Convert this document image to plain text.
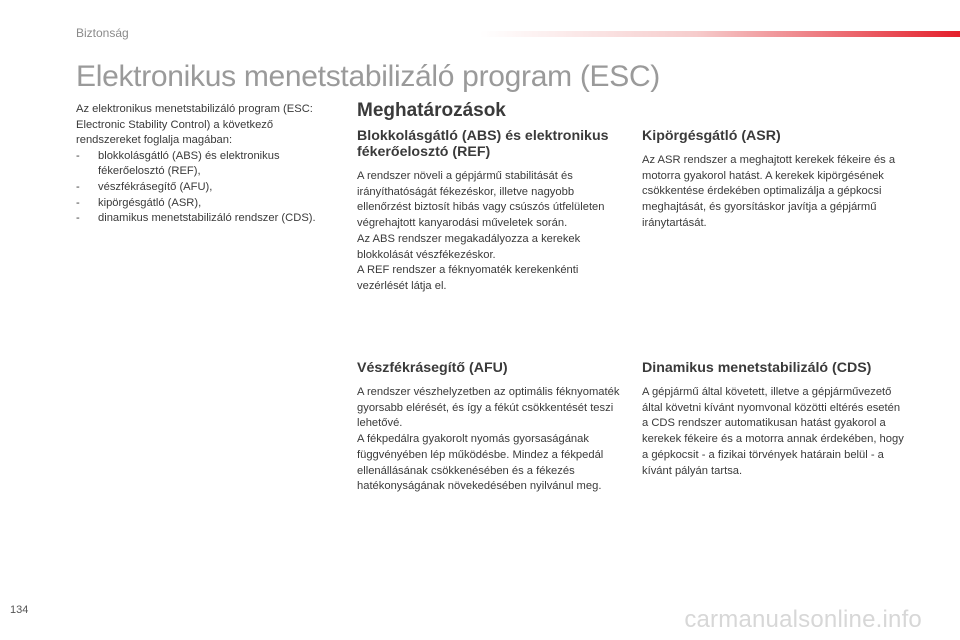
Biztonság
Elektronikus menetstabilizáló program (ESC)

Az elektronikus menetstabilizáló program (ESC: Electronic Stability Control) a következő rendszereket foglalja magában:

- blokkolásgátló (ABS) és elektronikus fékerőelosztó (REF),
- vészfékrásegítő (AFU),
- kipörgésgátló (ASR),
- dinamikus menetstabilizáló rendszer (CDS).
Meghatározások
Blokkolásgátló (ABS) és elektronikus fékerőelosztó (REF)

A rendszer növeli a gépjármű stabilitását és irányíthatóságát fékezéskor, illetve nagyobb ellenőrzést biztosít hibás vagy csúszós útfelületen végrehajtott kanyarodási műveletek során.

Az ABS rendszer megakadályozza a kerekek blokkolását vészfékezéskor.

A REF rendszer a féknyomaték kerekenkénti vezérlését látja el.

Kipörgésgátló (ASR)

Az ASR rendszer a meghajtott kerekek fékeire és a motorra gyakorol hatást. A kerekek kipörgésének csökkentése érdekében optimalizálja a gépkocsi meghajtását, és gyorsításkor javítja a gépjármű iránytartását.

Vészfékrásegítő (AFU)

A rendszer vészhelyzetben az optimális féknyomaték gyorsabb elérését, és így a fékút csökkentését teszi lehetővé.

A fékpedálra gyakorolt nyomás gyorsaságának függvényében lép működésbe. Mindez a fékpedál ellenállásának csökkenésében és a fékezés hatékonyságának növekedésében nyilvánul meg.

Dinamikus menetstabilizáló (CDS)

A gépjármű által követett, illetve a gépjárművezető által követni kívánt nyomvonal közötti eltérés esetén a CDS rendszer automatikusan hatást gyakorol a kerekek fékeire és a motorra annak érdekében, hogy a gépkocsit - a fizikai törvények határain belül - a kívánt pályán tartsa.

134	carmanualsonline.info
